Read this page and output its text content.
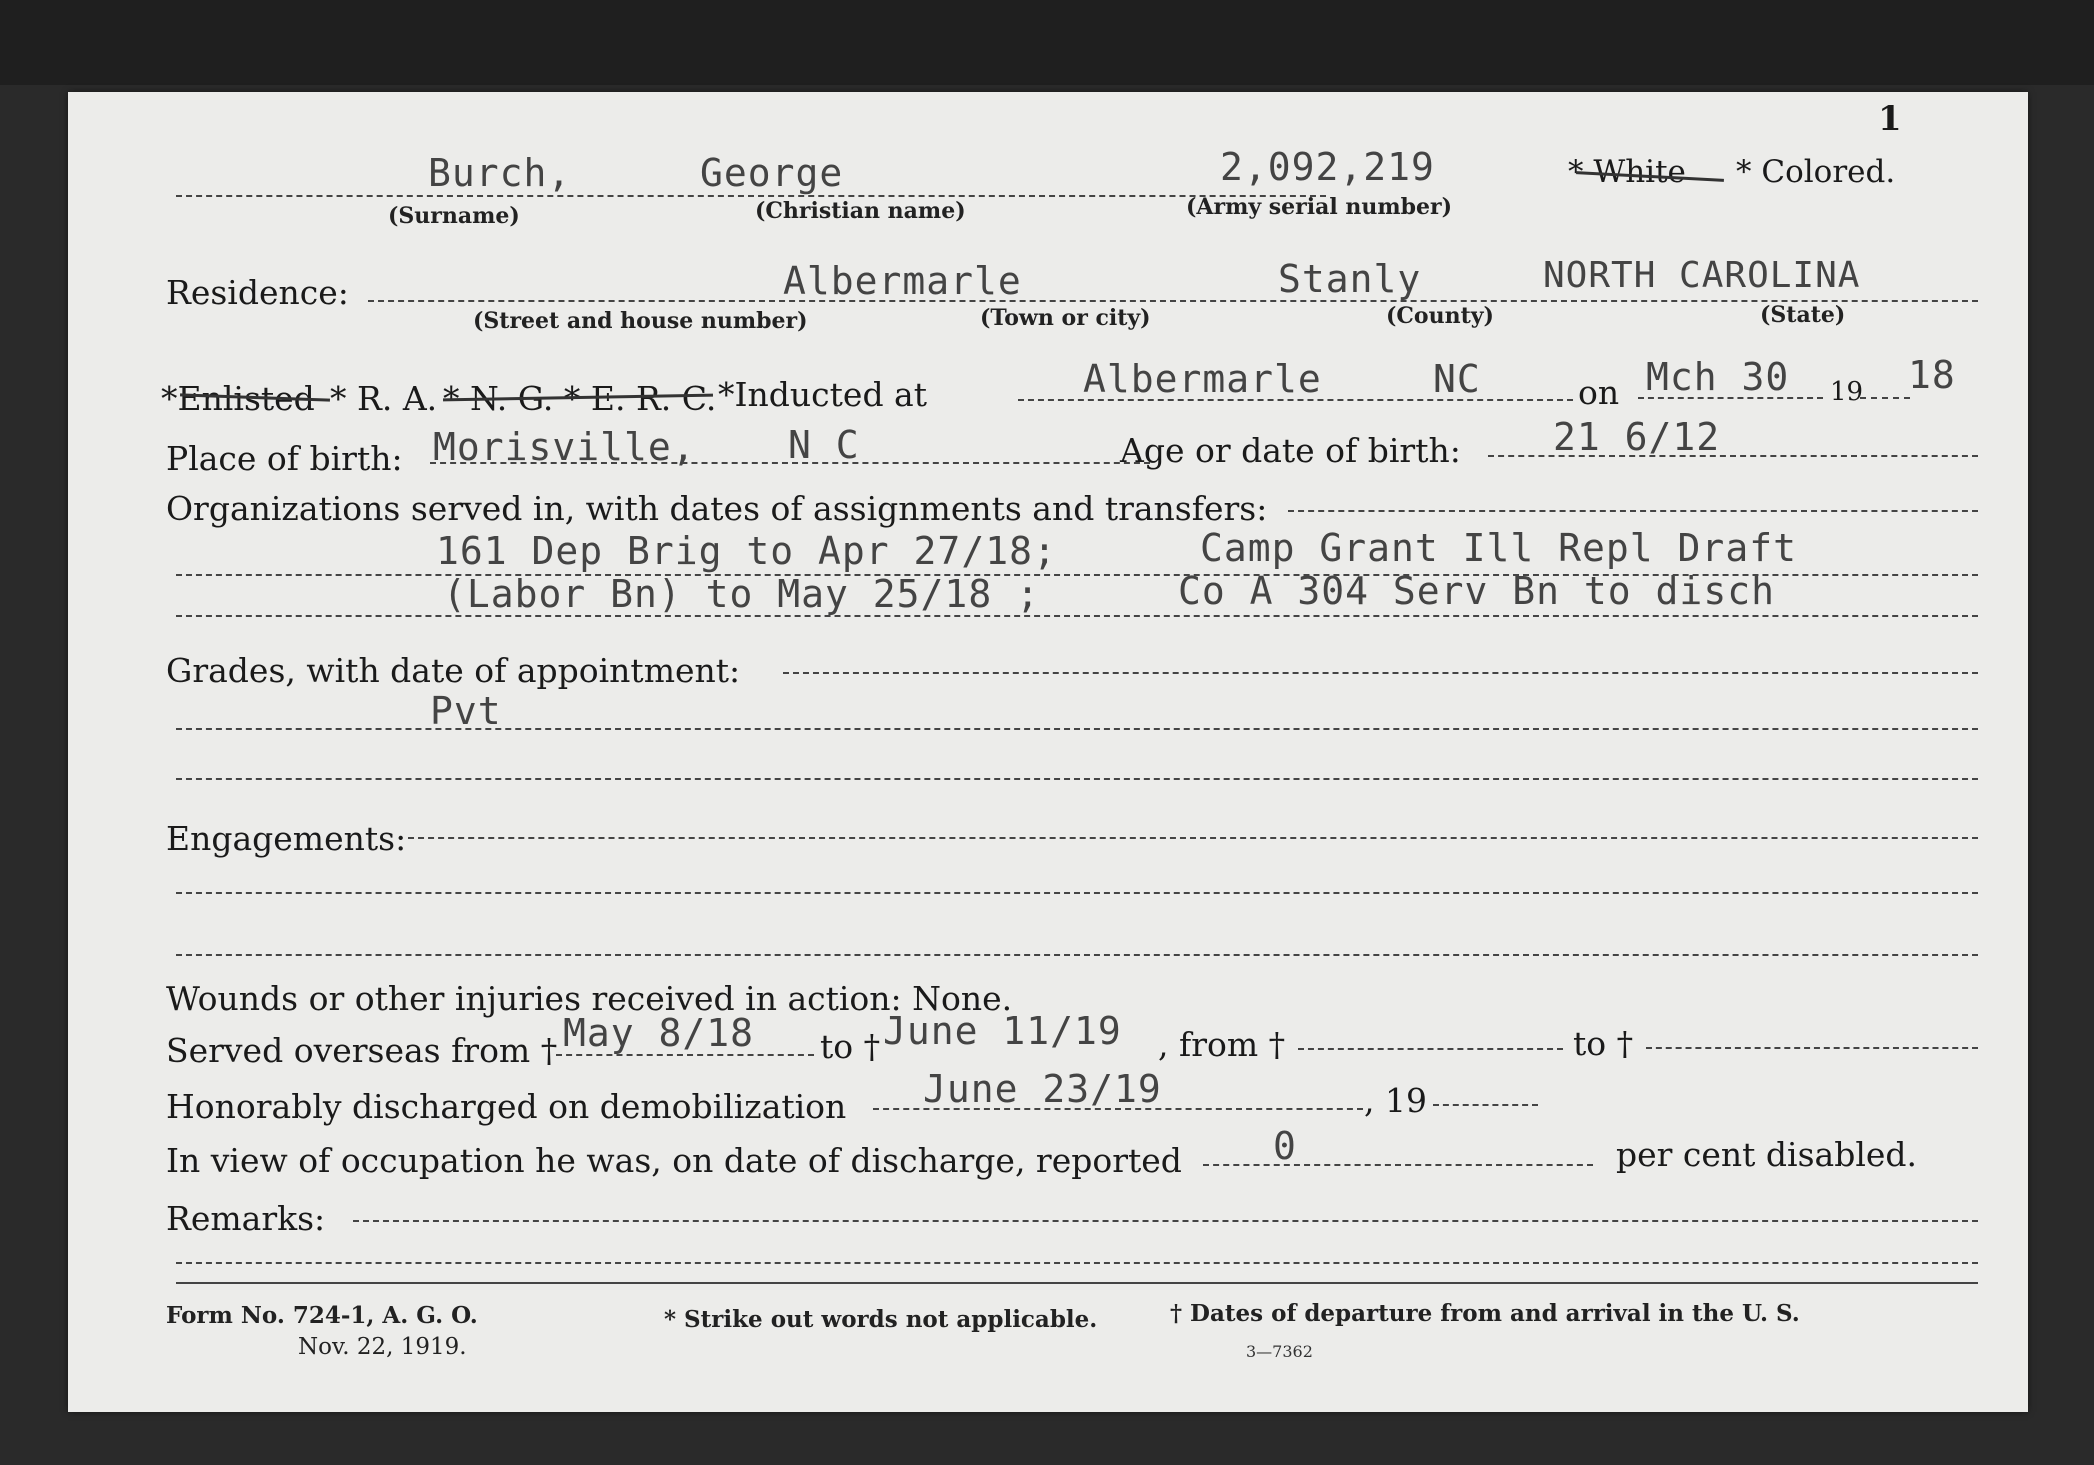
1
Burch,	George	2,092,219	* White * Colored.
(Surname)	(Christian name)	(Army serial number)
Residence:	Albermarle	Stanly	NORTH CAROLINA
(Street and house number)	(Town or city)	(County)	(State)
*Enlisted * R. A. * N. G. * E. R. C. *Inducted at	Albermarle	NC	on Mch 30 19 18
Place of birth: Morisville, N C	Age or date of birth: 21 6/12
Organizations served in, with dates of assignments and transfers:
161 Dep Brig to Apr 27/18;	Camp Grant Ill Repl Draft
(Labor Bn) to May 25/18 ;	Co A 304 Serv Bn to disch
Grades, with date of appointment:
Pvt
Engagements:
Wounds or other injuries received in action: None.
Served overseas from † May 8/18 to † June 11/19 , from †	to †
Honorably discharged on demobilization June 23/19	, 19
In view of occupation he was, on date of discharge, reported 0	per cent disabled.
Remarks:
Form No. 724-1, A. G. O.
Nov. 22, 1919.
* Strike out words not applicable.	† Dates of departure from and arrival in the U. S.
3—7362
